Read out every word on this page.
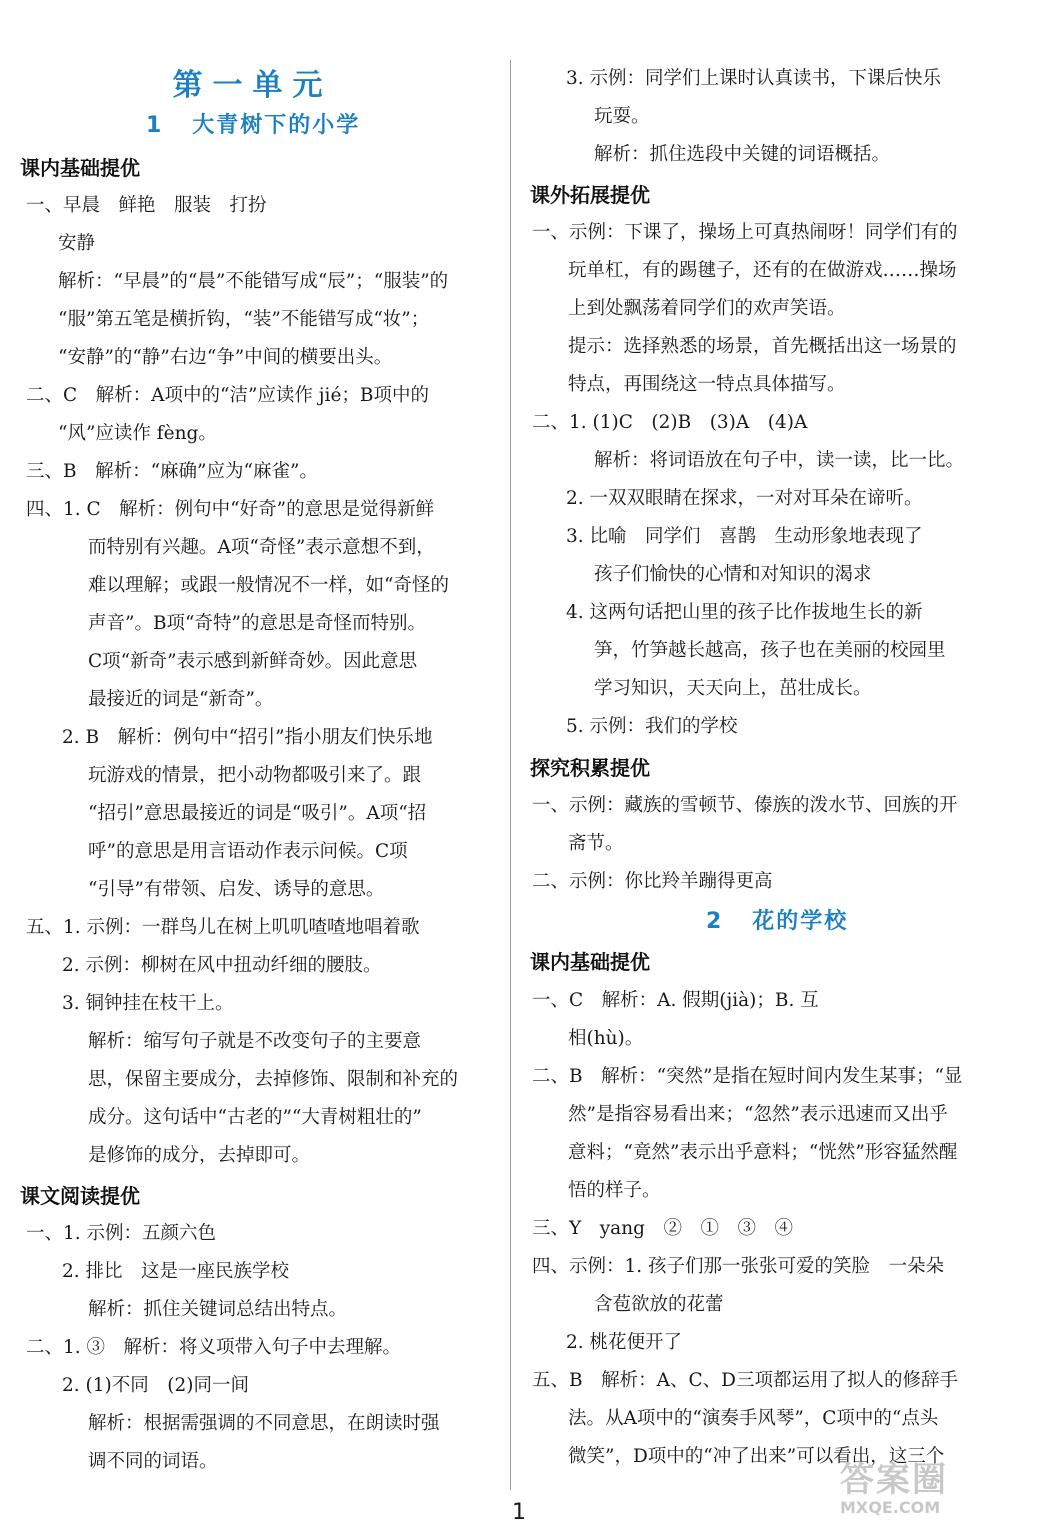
第一单元
1 大青树下的小学
课内基础提优
一、早晨　鲜艳　服装　打扮
安静
解析：“早晨”的“晨”不能错写成“辰”；“服装”的
“服”第五笔是横折钩，“装”不能错写成“妆”；
“安静”的“静”右边“争”中间的横要出头。
二、C　解析：A项中的“洁”应读作 jié；B项中的
“风”应读作 fèng。
三、B　解析：“麻确”应为“麻雀”。
四、1. C　解析：例句中“好奇”的意思是觉得新鲜
而特别有兴趣。A项“奇怪”表示意想不到，
难以理解；或跟一般情况不一样，如“奇怪的
声音”。B项“奇特”的意思是奇怪而特别。
C项“新奇”表示感到新鲜奇妙。因此意思
最接近的词是“新奇”。
2. B　解析：例句中“招引”指小朋友们快乐地
玩游戏的情景，把小动物都吸引来了。跟
“招引”意思最接近的词是“吸引”。A项“招
呼”的意思是用言语动作表示问候。C项
“引导”有带领、启发、诱导的意思。
五、1. 示例：一群鸟儿在树上叽叽喳喳地唱着歌
2. 示例：柳树在风中扭动纤细的腰肢。
3. 铜钟挂在枝干上。
解析：缩写句子就是不改变句子的主要意
思，保留主要成分，去掉修饰、限制和补充的
成分。这句话中“古老的”“大青树粗壮的”
是修饰的成分，去掉即可。
课文阅读提优
一、1. 示例：五颜六色
2. 排比　这是一座民族学校
解析：抓住关键词总结出特点。
二、1. ③　解析：将义项带入句子中去理解。
2. (1)不同　(2)同一间
解析：根据需强调的不同意思，在朗读时强
调不同的词语。
3. 示例：同学们上课时认真读书，下课后快乐
玩耍。
解析：抓住选段中关键的词语概括。
课外拓展提优
一、示例：下课了，操场上可真热闹呀！同学们有的
玩单杠，有的踢毽子，还有的在做游戏……操场
上到处飘荡着同学们的欢声笑语。
提示：选择熟悉的场景，首先概括出这一场景的
特点，再围绕这一特点具体描写。
二、1. (1)C　(2)B　(3)A　(4)A
解析：将词语放在句子中，读一读，比一比。
2. 一双双眼睛在探求，一对对耳朵在谛听。
3. 比喻　同学们　喜鹊　生动形象地表现了
孩子们愉快的心情和对知识的渴求
4. 这两句话把山里的孩子比作拔地生长的新
笋，竹笋越长越高，孩子也在美丽的校园里
学习知识，天天向上，茁壮成长。
5. 示例：我们的学校
探究积累提优
一、示例：藏族的雪顿节、傣族的泼水节、回族的开
斋节。
二、示例：你比羚羊蹦得更高
2 花的学校
课内基础提优
一、C　解析：A. 假期(jià)；B. 互
相(hù)。
二、B　解析：“突然”是指在短时间内发生某事；“显
然”是指容易看出来；“忽然”表示迅速而又出乎
意料；“竟然”表示出乎意料；“恍然”形容猛然醒
悟的样子。
三、Y　yang　②　①　③　④
四、示例：1. 孩子们那一张张可爱的笑脸　一朵朵
含苞欲放的花蕾
2. 桃花便开了
五、B　解析：A、C、D三项都运用了拟人的修辞手
法。从A项中的“演奏手风琴”，C项中的“点头
微笑”，D项中的“冲了出来”可以看出，这三个
1
答案圈
MXQE.COM
